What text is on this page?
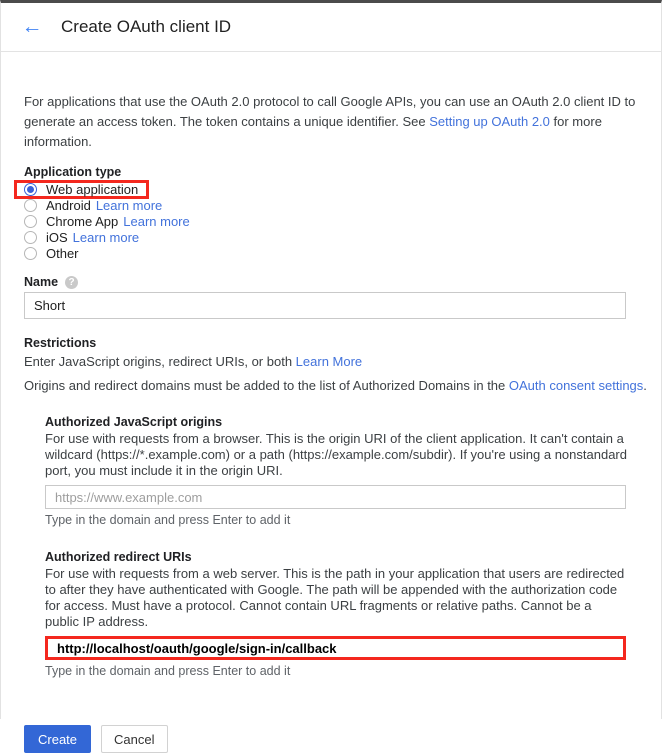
← Create OAuth client ID

For applications that use the OAuth 2.0 protocol to call Google APIs, you can use an OAuth 2.0 client ID to generate an access token. The token contains a unique identifier. See Setting up OAuth 2.0 for more information.

Application type
Web application
Android Learn more
Chrome App Learn more
iOS Learn more
Other
Name	?
Short
Restrictions
Enter JavaScript origins, redirect URIs, or both Learn More
Origins and redirect domains must be added to the list of Authorized Domains in the OAuth consent settings.
Authorized JavaScript origins
For use with requests from a browser. This is the origin URI of the client application. It can't contain a wildcard (https://*.example.com) or a path (https://example.com/subdir). If you're using a nonstandard port, you must include it in the origin URI.
https://www.example.com
Type in the domain and press Enter to add it
Authorized redirect URIs
For use with requests from a web server. This is the path in your application that users are redirected to after they have authenticated with Google. The path will be appended with the authorization code for access. Must have a protocol. Cannot contain URL fragments or relative paths. Cannot be a public IP address.
http://localhost/oauth/google/sign-in/callback
Type in the domain and press Enter to add it
Create	Cancel
